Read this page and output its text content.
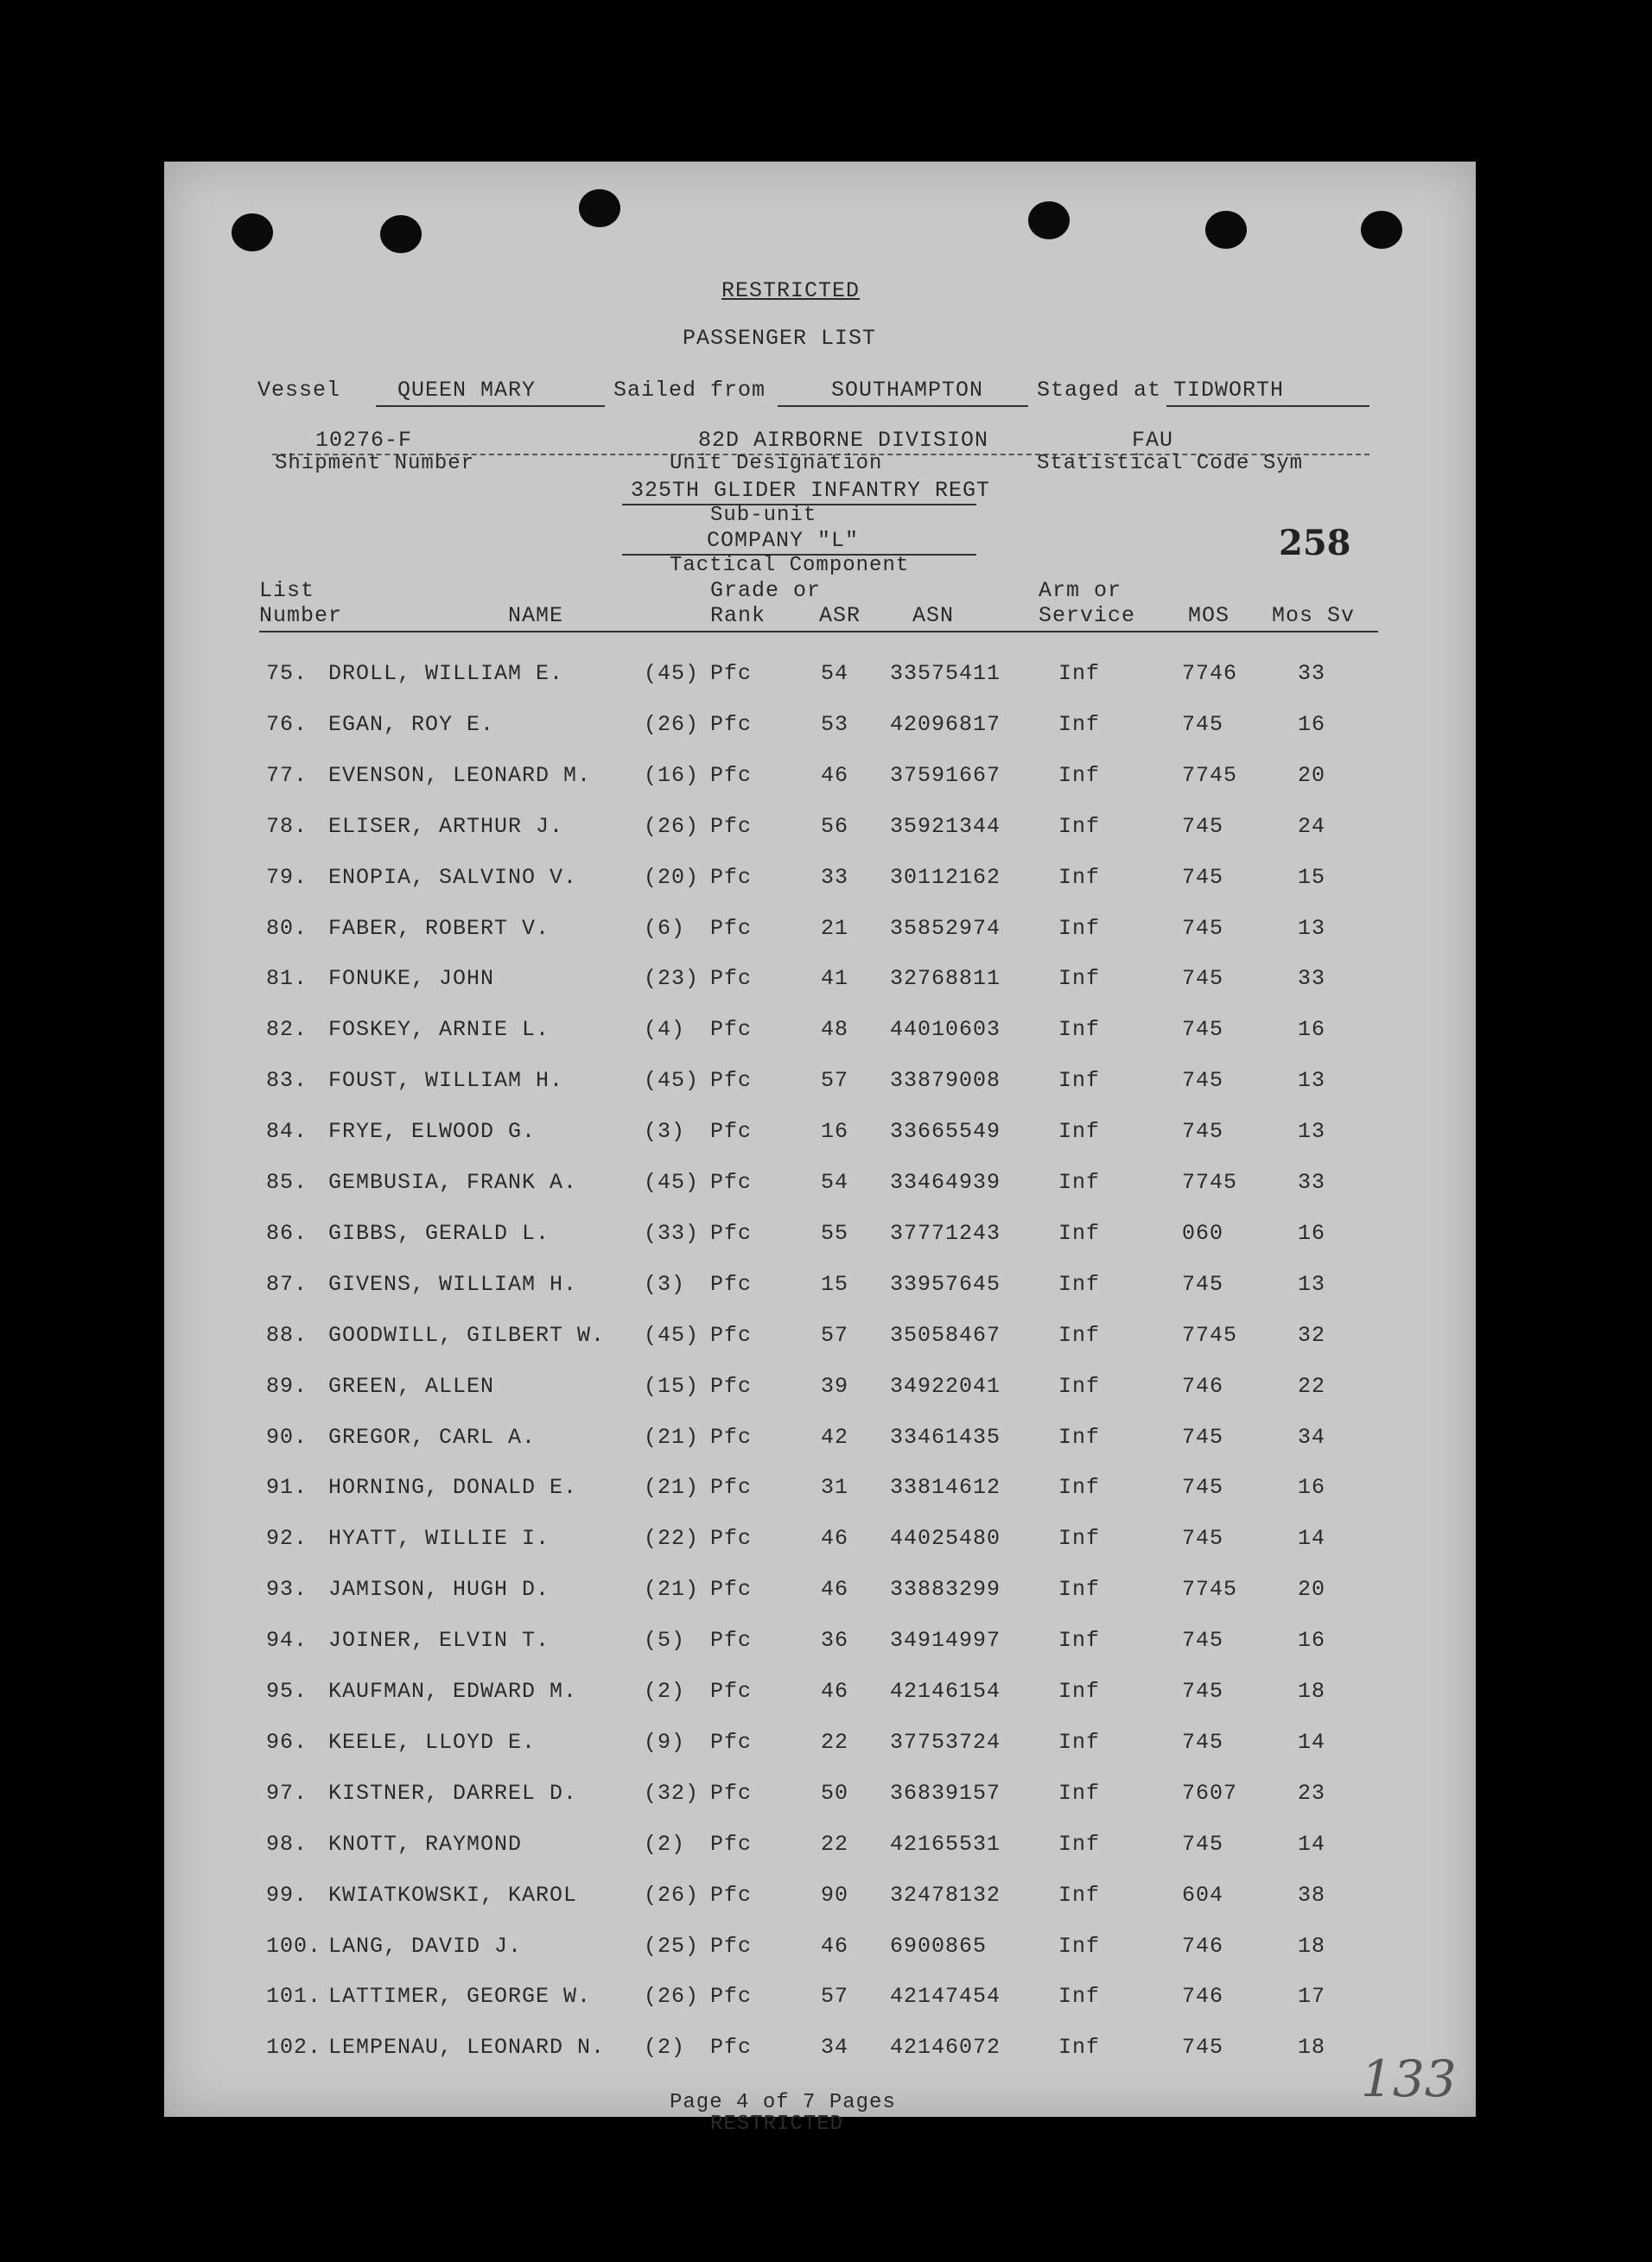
RESTRICTED
PASSENGER LIST
Vessel	QUEEN MARY	Sailed from	SOUTHAMPTON Staged at TIDWORTH
10276-F	82D AIRBORNE DIVISION	FAU
Shipment Number	Unit Designation	Statistical Code Sym
325TH GLIDER INFANTRY REGT
Sub-unit
COMPANY "L"	258
Tactical Component
List
Number	NAME
Grade or
Rank	ASR ASN
Arm or
Service MOS Mos Sv
75. DROLL, WILLIAM E.	(45) Pfc	54 33575411	Inf	7746	33
76. EGAN, ROY E.	(26) Pfc	53 42096817	Inf	745	16
77. EVENSON, LEONARD M. (16) Pfc	46 37591667	Inf	7745	20
78. ELISER, ARTHUR J.	(26) Pfc	56 35921344	Inf	745	24
79. ENOPIA, SALVINO V.	(20) Pfc	33 30112162	Inf	745	15
80. FABER, ROBERT V.	(6) Pfc	21 35852974	Inf	745	13
81. FONUKE, JOHN	(23) Pfc	41 32768811	Inf	745	33
82. FOSKEY, ARNIE L.	(4) Pfc	48 44010603	Inf	745	16
83. FOUST, WILLIAM H.	(45) Pfc	57 33879008	Inf	745	13
84. FRYE, ELWOOD G.	(3) Pfc	16 33665549	Inf	745	13
85. GEMBUSIA, FRANK A.	(45) Pfc	54 33464939	Inf	7745	33
86. GIBBS, GERALD L.	(33) Pfc	55 37771243	Inf	060	16
87. GIVENS, WILLIAM H.	(3) Pfc	15 33957645	Inf	745	13
88. GOODWILL, GILBERT W. (45) Pfc	57 35058467	Inf	7745	32
89. GREEN, ALLEN	(15) Pfc	39 34922041	Inf	746	22
90. GREGOR, CARL A.	(21) Pfc	42 33461435	Inf	745	34
91. HORNING, DONALD E.	(21) Pfc	31 33814612	Inf	745	16
92. HYATT, WILLIE I.	(22) Pfc	46 44025480	Inf	745	14
93. JAMISON, HUGH D.	(21) Pfc	46 33883299	Inf	7745	20
94. JOINER, ELVIN T.	(5) Pfc	36 34914997	Inf	745	16
95. KAUFMAN, EDWARD M.	(2) Pfc	46 42146154	Inf	745	18
96. KEELE, LLOYD E.	(9) Pfc	22 37753724	Inf	745	14
97. KISTNER, DARREL D.	(32) Pfc	50 36839157	Inf	7607	23
98. KNOTT, RAYMOND	(2) Pfc	22 42165531	Inf	745	14
99. KWIATKOWSKI, KAROL	(26) Pfc	90 32478132	Inf	604	38
100. LANG, DAVID J.	(25) Pfc	46 6900865	Inf	746	18
101. LATTIMER, GEORGE W. (26) Pfc	57 42147454	Inf	746	17
102. LEMPENAU, LEONARD N. (2) Pfc	34 42146072	Inf	745	18
Page 4 of 7 Pages
RESTRICTED
133
